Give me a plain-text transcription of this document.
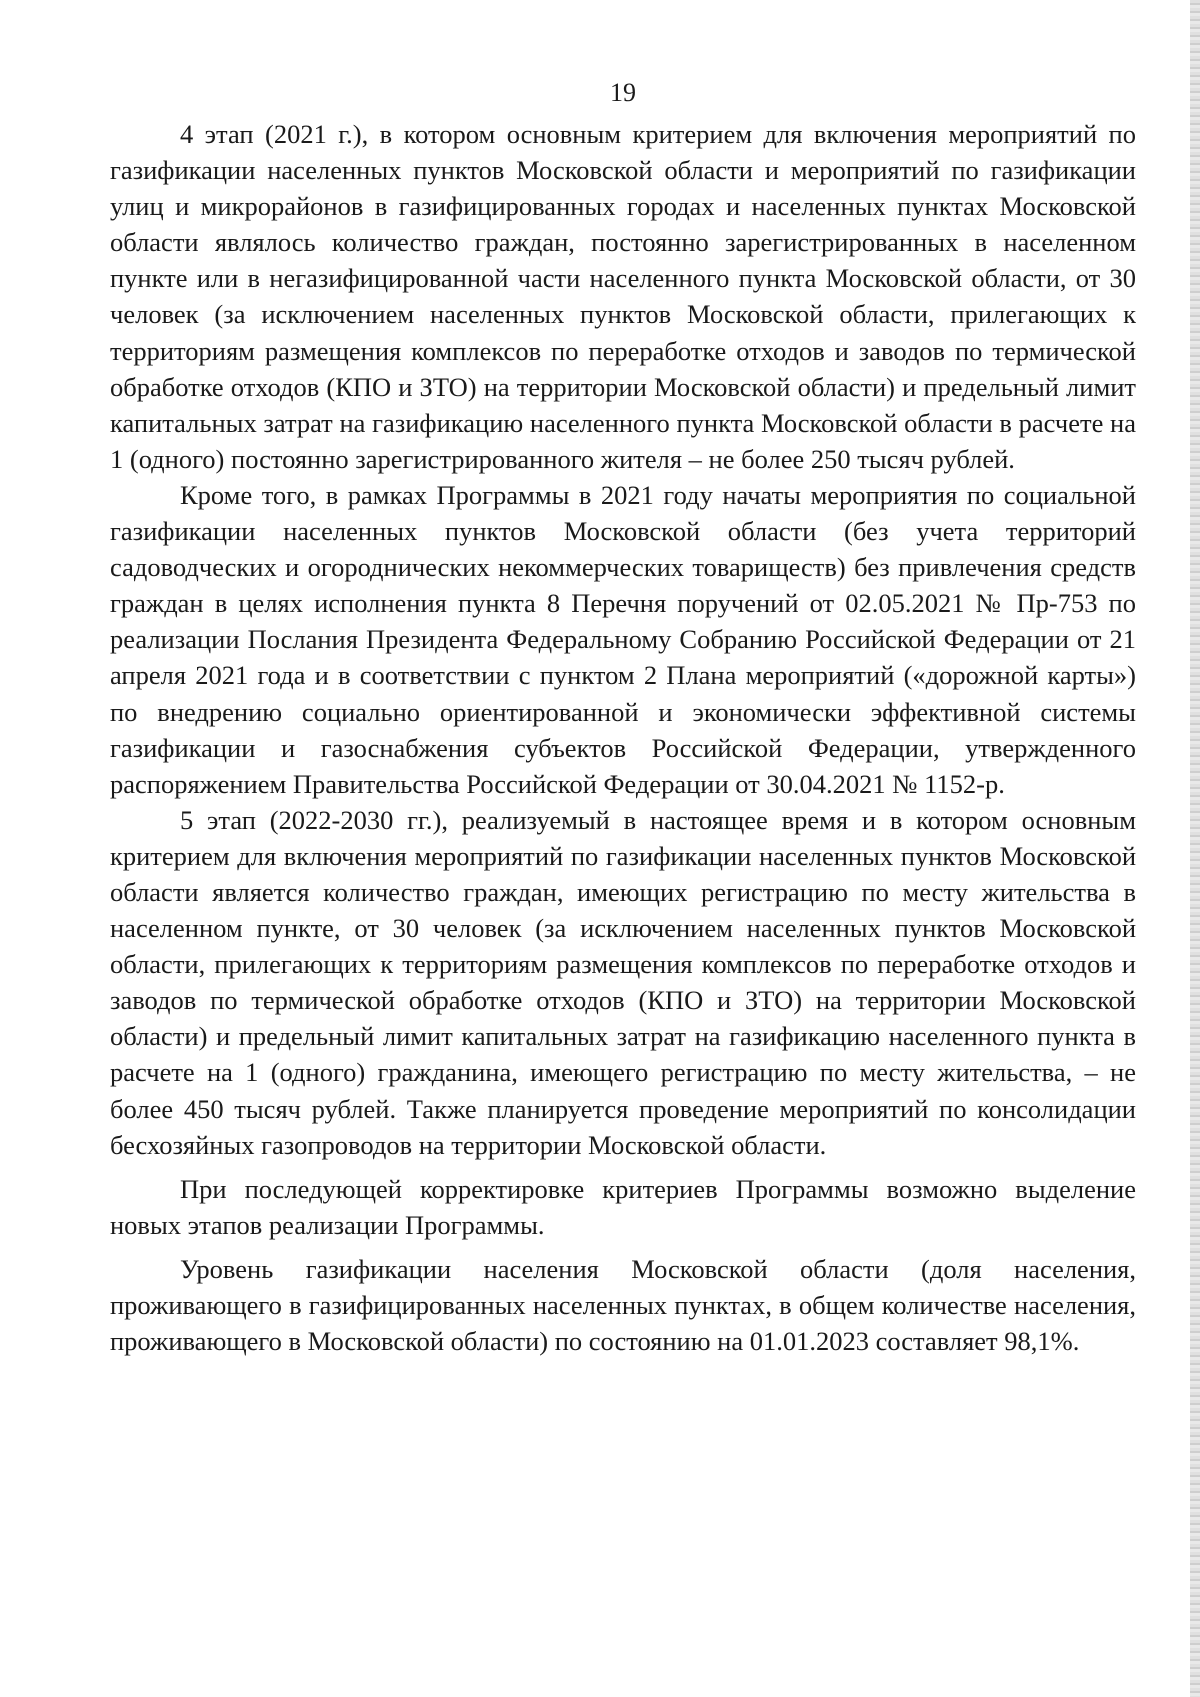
19

4 этап (2021 г.), в котором основным критерием для включения мероприятий по газификации населенных пунктов Московской области и мероприятий по газификации улиц и микрорайонов в газифицированных городах и населенных пунктах Московской области являлось количество граждан, постоянно зарегистрированных в населенном пункте или в негазифицированной части населенного пункта Московской области, от 30 человек (за исключением населенных пунктов Московской области, прилегающих к территориям размещения комплексов по переработке отходов и заводов по термической обработке отходов (КПО и ЗТО) на территории Московской области) и предельный лимит капитальных затрат на газификацию населенного пункта Московской области в расчете на 1 (одного) постоянно зарегистрированного жителя – не более 250 тысяч рублей.

Кроме того, в рамках Программы в 2021 году начаты мероприятия по социальной газификации населенных пунктов Московской области (без учета территорий садоводческих и огороднических некоммерческих товариществ) без привлечения средств граждан в целях исполнения пункта 8 Перечня поручений от 02.05.2021 № Пр-753 по реализации Послания Президента Федеральному Собранию Российской Федерации от 21 апреля 2021 года и в соответствии с пунктом 2 Плана мероприятий («дорожной карты») по внедрению социально ориентированной и экономически эффективной системы газификации и газоснабжения субъектов Российской Федерации, утвержденного распоряжением Правительства Российской Федерации от 30.04.2021 № 1152-р.

5 этап (2022-2030 гг.), реализуемый в настоящее время и в котором основным критерием для включения мероприятий по газификации населенных пунктов Московской области является количество граждан, имеющих регистрацию по месту жительства в населенном пункте, от 30 человек (за исключением населенных пунктов Московской области, прилегающих к территориям размещения комплексов по переработке отходов и заводов по термической обработке отходов (КПО и ЗТО) на территории Московской области) и предельный лимит капитальных затрат на газификацию населенного пункта в расчете на 1 (одного) гражданина, имеющего регистрацию по месту жительства, – не более 450 тысяч рублей. Также планируется проведение мероприятий по консолидации бесхозяйных газопроводов на территории Московской области.

При последующей корректировке критериев Программы возможно выделение новых этапов реализации Программы.

Уровень газификации населения Московской области (доля населения, проживающего в газифицированных населенных пунктах, в общем количестве населения, проживающего в Московской области) по состоянию на 01.01.2023 составляет 98,1%.
